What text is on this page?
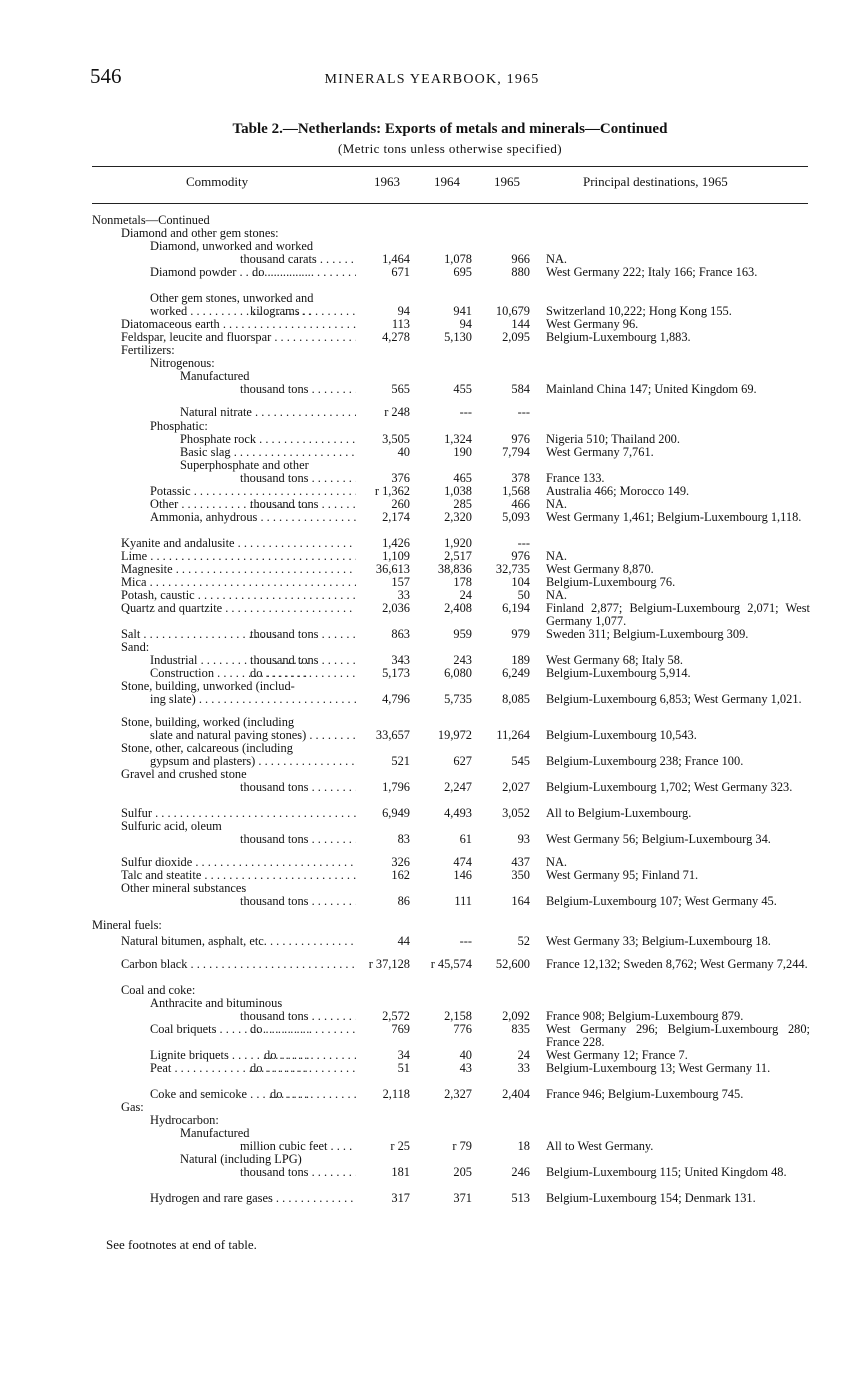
546	MINERALS YEARBOOK, 1965
Table 2.—Netherlands: Exports of metals and minerals—Continued
(Metric tons unless otherwise specified)
Commodity	1963	1964	1965	Principal destinations, 1965
Nonmetals—Continued
Diamond and other gem stones:
Diamond, unworked and worked
thousand carats . . .	1,464	1,078	966 NA.
Diamond powder . . .	do . . .	671	695	880 West Germany 222; Italy 166; France 163.
Other gem stones, unworked and
worked . . .	kilograms . . .	94	941 10,679 Switzerland 10,222; Hong Kong 155.
Diatomaceous earth . . .	113	94	144 West Germany 96.
Feldspar, leucite and fluorspar . . .	4,278	5,130 2,095 Belgium-Luxembourg 1,883.
Fertilizers:
Nitrogenous:
Manufactured
thousand tons . . .	565	455	584 Mainland China 147; United Kingdom 69.
Natural nitrate . . .	r 248	---	---
Phosphatic:
Phosphate rock . . .	3,505	1,324	976 Nigeria 510; Thailand 200.
Basic slag . . .	40	190 7,794 West Germany 7,761.
Superphosphate and other
thousand tons . . .	376	465	378 France 133.
Potassic . . .	r 1,362	1,038 1,568 Australia 466; Morocco 149.
Other . . .	thousand tons . . .	260	285	466 NA.
Ammonia, anhydrous . . .	2,174	2,320 5,093 West Germany 1,461; Belgium-Luxembourg 1,118.
Kyanite and andalusite . . .	1,426	1,920	---
Lime . . .	1,109	2,517	976 NA.
Magnesite . . .	36,613 38,836 32,735 West Germany 8,870.
Mica . . .	157	178	104 Belgium-Luxembourg 76.
Potash, caustic . . .	33	24	50 NA.
Quartz and quartzite . . .	2,036	2,408 6,194 Finland 2,877; Belgium-Luxembourg 2,071; West Germany 1,077.
Salt . . .	thousand tons . . .	863	959	979 Sweden 311; Belgium-Luxembourg 309.
Sand:
Industrial . . .	thousand tons . . .	343	243	189 West Germany 68; Italy 58.
Construction . . .	do . . .	5,173	6,080 6,249 Belgium-Luxembourg 5,914.
Stone, building, unworked (includ-
ing slate) . . .	4,796	5,735 8,085 Belgium-Luxembourg 6,853; West Germany 1,021.
Stone, building, worked (including
slate and natural paving stones) . . .	33,657 19,972 11,264 Belgium-Luxembourg 10,543.
Stone, other, calcareous (including
gypsum and plasters) . . .	521	627	545 Belgium-Luxembourg 238; France 100.
Gravel and crushed stone
thousand tons . . .	1,796	2,247 2,027 Belgium-Luxembourg 1,702; West Germany 323.
Sulfur . . .	6,949	4,493 3,052 All to Belgium-Luxembourg.
Sulfuric acid, oleum
thousand tons . . .	83	61	93 West Germany 56; Belgium-Luxembourg 34.
Sulfur dioxide . . .	326	474	437 NA.
Talc and steatite . . .	162	146	350 West Germany 95; Finland 71.
Other mineral substances
thousand tons . . .	86	111	164 Belgium-Luxembourg 107; West Germany 45.
Mineral fuels:
Natural bitumen, asphalt, etc. . . .	44	---	52 West Germany 33; Belgium-Luxembourg 18.
Carbon black . . .	r 37,128 r 45,574 52,600 France 12,132; Sweden 8,762; West Germany 7,244.
Coal and coke:
Anthracite and bituminous
thousand tons . . .	2,572	2,158 2,092 France 908; Belgium-Luxembourg 879.
Coal briquets . . .	do . . .	769	776	835 West Germany 296; Belgium-Luxembourg 280; France 228.
Lignite briquets . . .	do . . .	34	40	24 West Germany 12; France 7.
Peat . . .	do . . .	51	43	33 Belgium-Luxembourg 13; West Germany 11.
Coke and semicoke . . .	do . . .	2,118	2,327 2,404 France 946; Belgium-Luxembourg 745.
Gas:
Hydrocarbon:
Manufactured
million cubic feet . . .	r 25	r 79	18 All to West Germany.
Natural (including LPG)
thousand tons . . .	181	205	246 Belgium-Luxembourg 115; United Kingdom 48.
Hydrogen and rare gases . . .	317	371	513 Belgium-Luxembourg 154; Denmark 131.
See footnotes at end of table.
